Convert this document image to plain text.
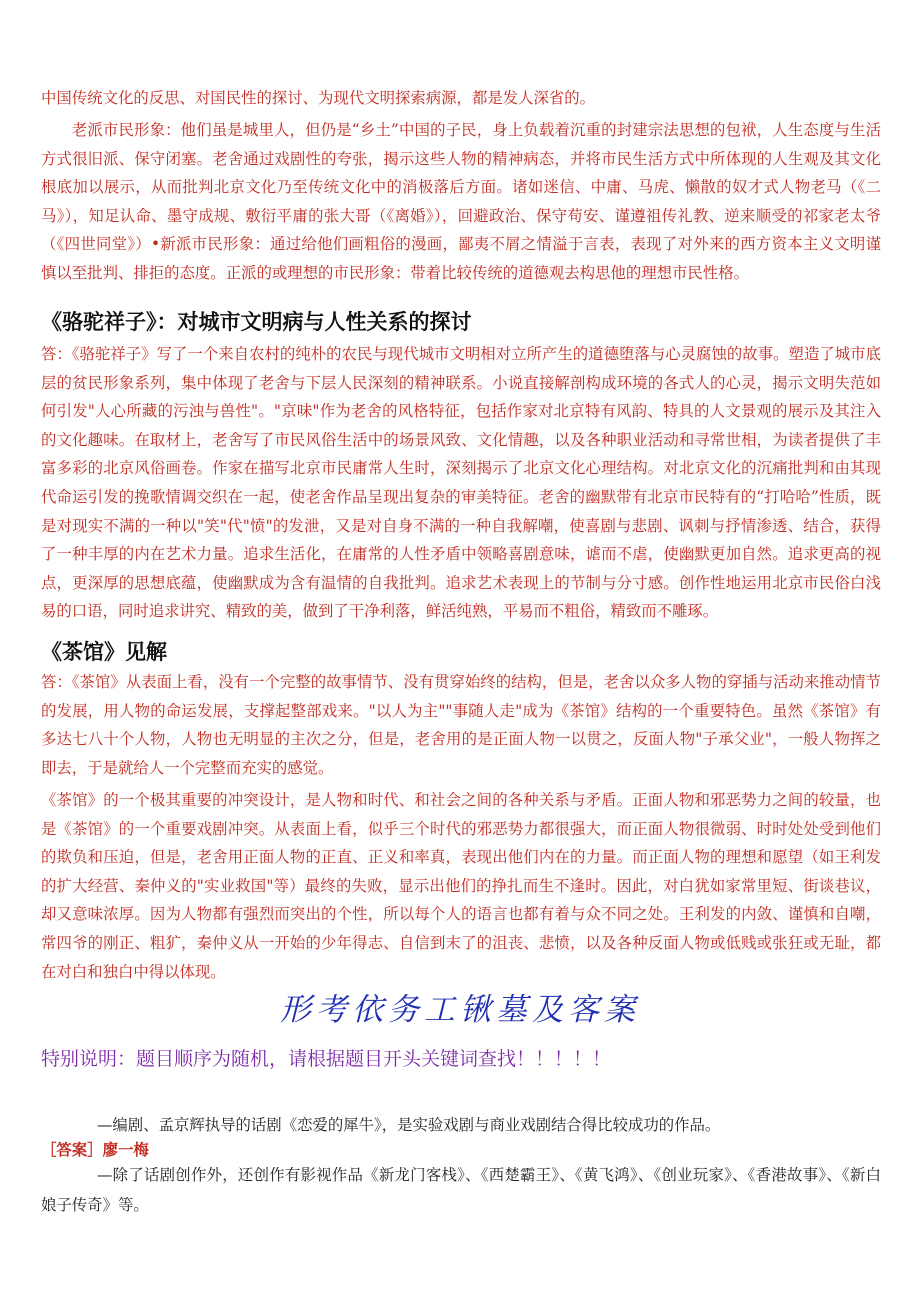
中国传统文化的反思、对国民性的探讨、为现代文明探索病源，都是发人深省的。

老派市民形象：他们虽是城里人，但仍是“乡土”中国的子民，身上负载着沉重的封建宗法思想的包袱，人生态度与生活方式很旧派、保守闭塞。老舍通过戏剧性的夸张，揭示这些人物的精神病态，并将市民生活方式中所体现的人生观及其文化根底加以展示，从而批判北京文化乃至传统文化中的消极落后方面。诸如迷信、中庸、马虎、懒散的奴才式人物老马（《二马》），知足认命、墨守成规、敷衍平庸的张大哥（《离婚》），回避政治、保守苟安、谨遵祖传礼教、逆来顺受的祁家老太爷（《四世同堂》）•新派市民形象：通过给他们画粗俗的漫画，鄙夷不屑之情溢于言表，表现了对外来的西方资本主义文明谨慎以至批判、排拒的态度。正派的或理想的市民形象：带着比较传统的道德观去构思他的理想市民性格。

《骆驼祥子》：对城市文明病与人性关系的探讨

答：《骆驼祥子》写了一个来自农村的纯朴的农民与现代城市文明相对立所产生的道德堕落与心灵腐蚀的故事。塑造了城市底层的贫民形象系列，集中体现了老舍与下层人民深刻的精神联系。小说直接解剖构成环境的各式人的心灵，揭示文明失范如何引发"人心所藏的污浊与兽性"。"京味"作为老舍的风格特征，包括作家对北京特有风韵、特具的人文景观的展示及其注入的文化趣味。在取材上，老舍写了市民风俗生活中的场景风致、文化情趣，以及各种职业活动和寻常世相，为读者提供了丰富多彩的北京风俗画卷。作家在描写北京市民庸常人生时，深刻揭示了北京文化心理结构。对北京文化的沉痛批判和由其现代命运引发的挽歌情调交织在一起，使老舍作品呈现出复杂的审美特征。老舍的幽默带有北京市民特有的“打哈哈”性质，既是对现实不满的一种以"笑"代"愤"的发泄，又是对自身不满的一种自我解嘲，使喜剧与悲剧、讽刺与抒情渗透、结合，获得了一种丰厚的内在艺术力量。追求生活化，在庸常的人性矛盾中领略喜剧意味，谑而不虐，使幽默更加自然。追求更高的视点，更深厚的思想底蕴，使幽默成为含有温情的自我批判。追求艺术表现上的节制与分寸感。创作性地运用北京市民俗白浅易的口语，同时追求讲究、精致的美，做到了干净利落，鲜活纯熟，平易而不粗俗，精致而不雕琢。

《茶馆》见解

答：《茶馆》从表面上看，没有一个完整的故事情节、没有贯穿始终的结构，但是，老舍以众多人物的穿插与活动来推动情节的发展，用人物的命运发展，支撑起整部戏来。"以人为主""事随人走"成为《茶馆》结构的一个重要特色。虽然《茶馆》有多达七八十个人物，人物也无明显的主次之分，但是，老舍用的是正面人物一以贯之，反面人物"子承父业"，一般人物挥之即去，于是就给人一个完整而充实的感觉。

《茶馆》的一个极其重要的冲突设计，是人物和时代、和社会之间的各种关系与矛盾。正面人物和邪恶势力之间的较量，也是《茶馆》的一个重要戏剧冲突。从表面上看，似乎三个时代的邪恶势力都很强大，而正面人物很微弱、时时处处受到他们的欺负和压迫，但是，老舍用正面人物的正直、正义和率真，表现出他们内在的力量。而正面人物的理想和愿望（如王利发的扩大经营、秦仲义的"实业救国"等）最终的失败，显示出他们的挣扎而生不逢时。因此，对白犹如家常里短、街谈巷议，却又意味浓厚。因为人物都有强烈而突出的个性，所以每个人的语言也都有着与众不同之处。王利发的内敛、谨慎和自嘲，常四爷的刚正、粗犷，秦仲义从一开始的少年得志、自信到末了的沮丧、悲愤，以及各种反面人物或低贱或张狂或无耻，都在对白和独白中得以体现。

形考依务工锹墓及客案

特别说明：题目顺序为随机，请根据题目开头关键词查找！！！！！

—编剧、孟京辉执导的话剧《恋爱的犀牛》，是实验戏剧与商业戏剧结合得比较成功的作品。

［答案］廖一梅

—除了话剧创作外，还创作有影视作品《新龙门客栈》、《西楚霸王》、《黄飞鸿》、《创业玩家》、《香港故事》、《新白娘子传奇》等。
